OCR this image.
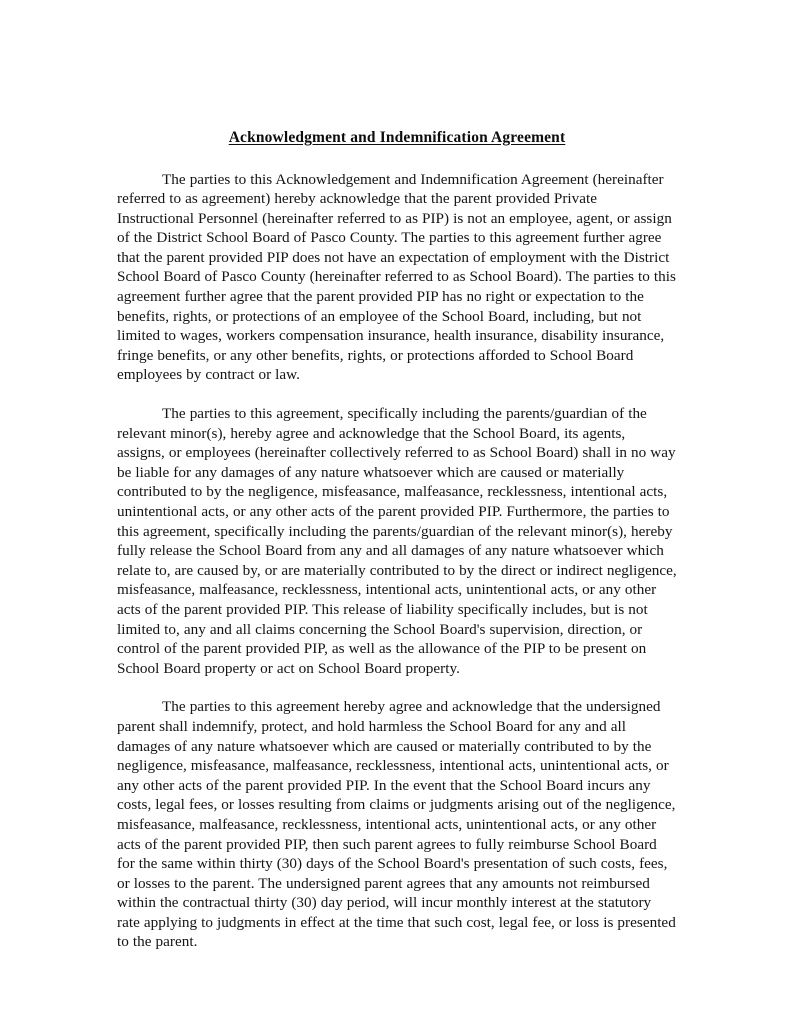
Acknowledgment and Indemnification Agreement

The parties to this Acknowledgement and Indemnification Agreement (hereinafter referred to as agreement) hereby acknowledge that the parent provided Private Instructional Personnel (hereinafter referred to as PIP) is not an employee, agent, or assign of the District School Board of Pasco County. The parties to this agreement further agree that the parent provided PIP does not have an expectation of employment with the District School Board of Pasco County (hereinafter referred to as School Board). The parties to this agreement further agree that the parent provided PIP has no right or expectation to the benefits, rights, or protections of an employee of the School Board, including, but not limited to wages, workers compensation insurance, health insurance, disability insurance, fringe benefits, or any other benefits, rights, or protections afforded to School Board employees by contract or law.

The parties to this agreement, specifically including the parents/guardian of the relevant minor(s), hereby agree and acknowledge that the School Board, its agents, assigns, or employees (hereinafter collectively referred to as School Board) shall in no way be liable for any damages of any nature whatsoever which are caused or materially contributed to by the negligence, misfeasance, malfeasance, recklessness, intentional acts, unintentional acts, or any other acts of the parent provided PIP. Furthermore, the parties to this agreement, specifically including the parents/guardian of the relevant minor(s), hereby fully release the School Board from any and all damages of any nature whatsoever which relate to, are caused by, or are materially contributed to by the direct or indirect negligence, misfeasance, malfeasance, recklessness, intentional acts, unintentional acts, or any other acts of the parent provided PIP. This release of liability specifically includes, but is not limited to, any and all claims concerning the School Board's supervision, direction, or control of the parent provided PIP, as well as the allowance of the PIP to be present on School Board property or act on School Board property.

The parties to this agreement hereby agree and acknowledge that the undersigned parent shall indemnify, protect, and hold harmless the School Board for any and all damages of any nature whatsoever which are caused or materially contributed to by the negligence, misfeasance, malfeasance, recklessness, intentional acts, unintentional acts, or any other acts of the parent provided PIP. In the event that the School Board incurs any costs, legal fees, or losses resulting from claims or judgments arising out of the negligence, misfeasance, malfeasance, recklessness, intentional acts, unintentional acts, or any other acts of the parent provided PIP, then such parent agrees to fully reimburse School Board for the same within thirty (30) days of the School Board's presentation of such costs, fees, or losses to the parent. The undersigned parent agrees that any amounts not reimbursed within the contractual thirty (30) day period, will incur monthly interest at the statutory rate applying to judgments in effect at the time that such cost, legal fee, or loss is presented to the parent.
